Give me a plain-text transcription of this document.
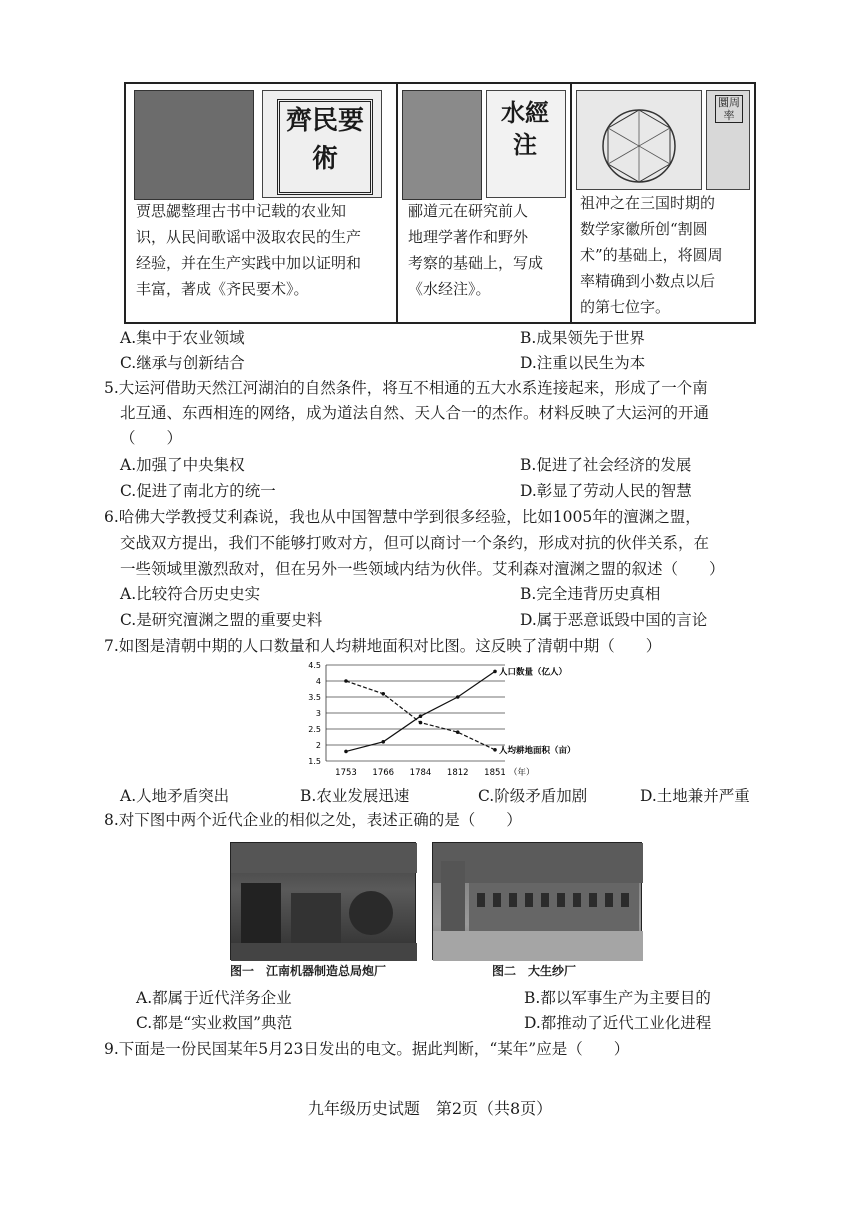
齊民要術
贾思勰整理古书中记载的农业知
识，从民间歌谣中汲取农民的生产
经验，并在生产实践中加以证明和
丰富，著成《齐民要术》。
水經注
郦道元在研究前人
地理学著作和野外
考察的基础上，写成
《水经注》。
圜周率
祖冲之在三国时期的
数学家徽所创“割圆
术”的基础上，将圆周
率精确到小数点以后
的第七位字。
A.集中于农业领域	B.成果领先于世界
C.继承与创新结合	D.注重以民生为本
5.大运河借助天然江河湖泊的自然条件，将互不相通的五大水系连接起来，形成了一个南
北互通、东西相连的网络，成为道法自然、天人合一的杰作。材料反映了大运河的开通
（　　）
A.加强了中央集权	B.促进了社会经济的发展
C.促进了南北方的统一	D.彰显了劳动人民的智慧
6.哈佛大学教授艾利森说，我也从中国智慧中学到很多经验，比如1005年的澶渊之盟，
交战双方提出，我们不能够打败对方，但可以商讨一个条约，形成对抗的伙伴关系，在
一些领域里激烈敌对，但在另外一些领域内结为伙伴。艾利森对澶渊之盟的叙述（　　）
A.比较符合历史史实	B.完全违背历史真相
C.是研究澶渊之盟的重要史料	D.属于恶意诋毁中国的言论
7.如图是清朝中期的人口数量和人均耕地面积对比图。这反映了清朝中期（　　）
1.5
2
2.5
3
3.5
4
4.5
1753 1766 1784 1812 1851 （年）
人口数量（亿人）
人均耕地面积（亩）
A.人地矛盾突出	B.农业发展迅速	C.阶级矛盾加剧	D.土地兼并严重
8.对下图中两个近代企业的相似之处，表述正确的是（　　）
图一　江南机器制造总局炮厂	图二　大生纱厂
A.都属于近代洋务企业	B.都以军事生产为主要目的
C.都是“实业救国”典范	D.都推动了近代工业化进程
9.下面是一份民国某年5月23日发出的电文。据此判断，“某年”应是（　　）
九年级历史试题　第2页（共8页）
